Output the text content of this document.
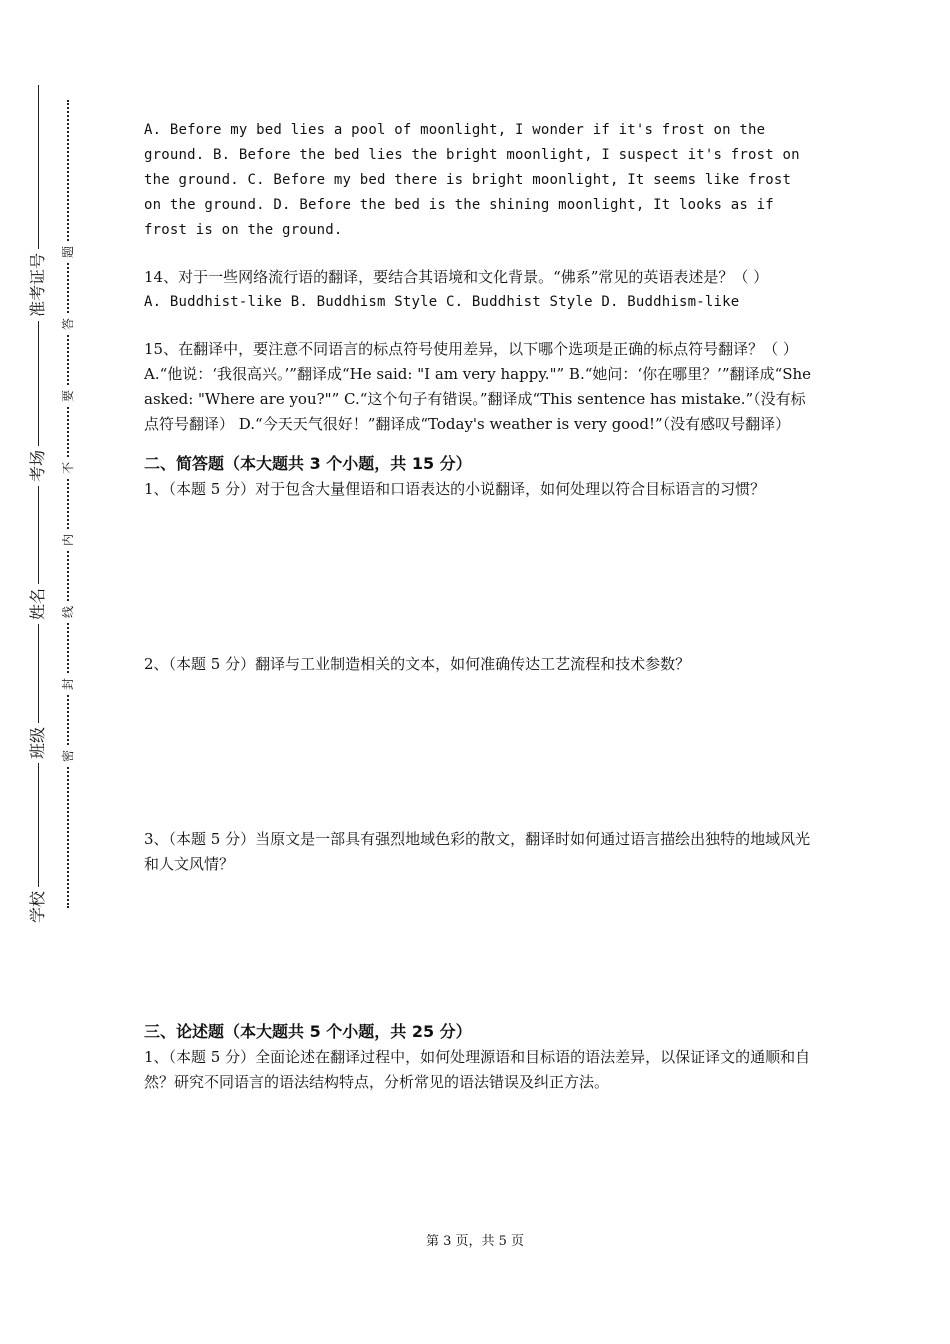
准考证号
考场
姓名
班级
学校
题
答
要
不
内
线
封
密

A. Before my bed lies a pool of moonlight, I wonder if it's frost on the ground. B. Before the bed lies the bright moonlight, I suspect it's frost on the ground. C. Before my bed there is bright moonlight, It seems like frost on the ground. D. Before the bed is the shining moonlight, It looks as if frost is on the ground.

14、对于一些网络流行语的翻译，要结合其语境和文化背景。“佛系”常见的英语表述是？（ ）

A. Buddhist-like B. Buddhism Style C. Buddhist Style D. Buddhism-like

15、在翻译中，要注意不同语言的标点符号使用差异，以下哪个选项是正确的标点符号翻译？（ ）

A.“他说：‘我很高兴。’”翻译成“He said: "I am very happy."” B.“她问：‘你在哪里？’”翻译成“She asked: "Where are you?"” C.“这个句子有错误。”翻译成“This sentence has mistake.”（没有标点符号翻译） D.“今天天气很好！”翻译成“Today's weather is very good!”（没有感叹号翻译）

二、简答题（本大题共 3 个小题，共 15 分）

1、（本题 5 分）对于包含大量俚语和口语表达的小说翻译，如何处理以符合目标语言的习惯？

2、（本题 5 分）翻译与工业制造相关的文本，如何准确传达工艺流程和技术参数？

3、（本题 5 分）当原文是一部具有强烈地域色彩的散文，翻译时如何通过语言描绘出独特的地域风光和人文风情？

三、论述题（本大题共 5 个小题，共 25 分）

1、（本题 5 分）全面论述在翻译过程中，如何处理源语和目标语的语法差异，以保证译文的通顺和自然？研究不同语言的语法结构特点，分析常见的语法错误及纠正方法。

第 3 页，共 5 页
